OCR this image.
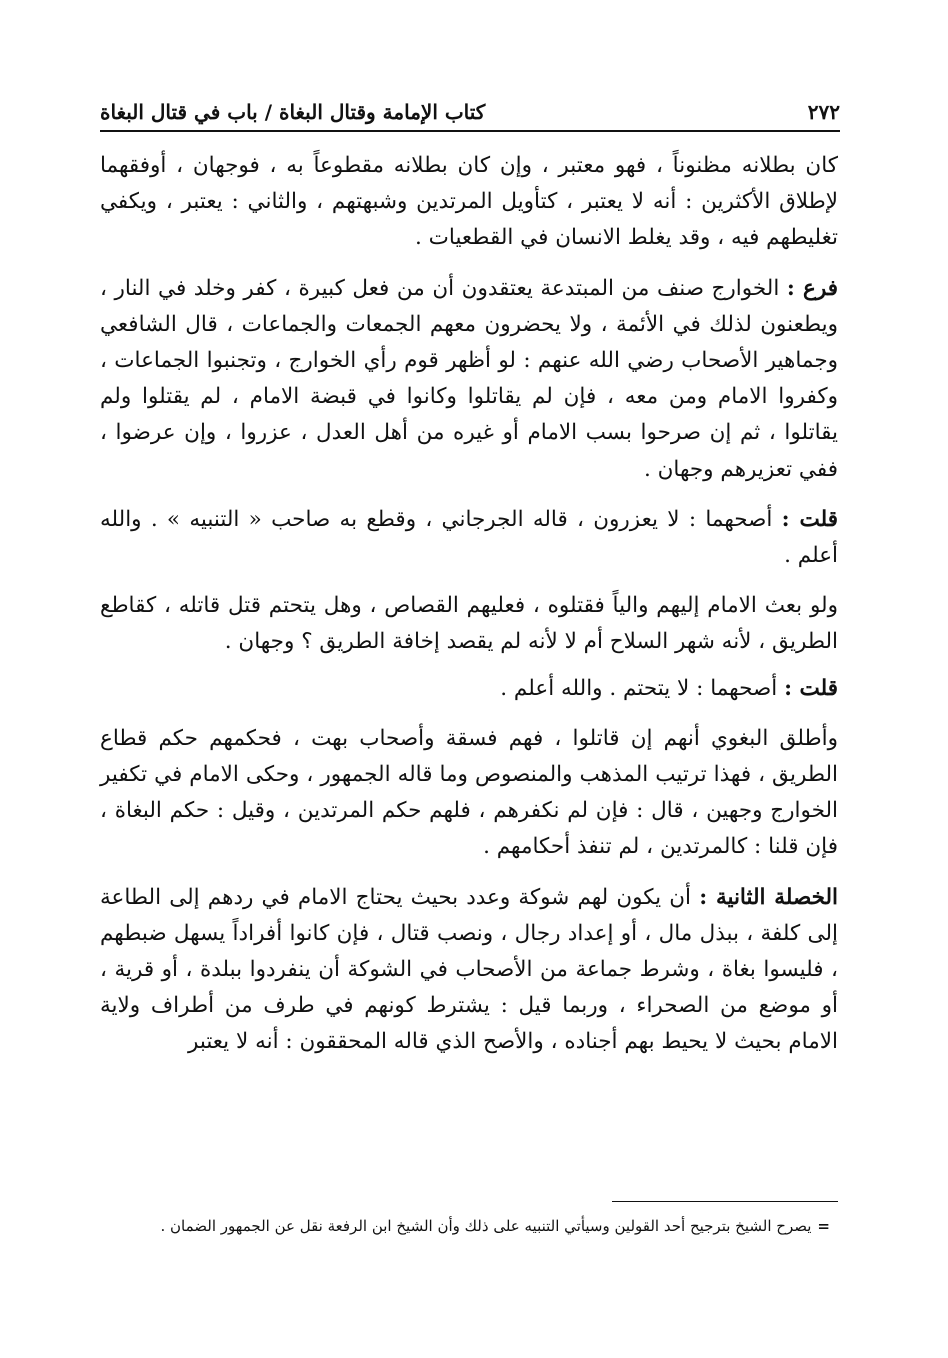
٢٧٢
كتاب الإمامة وقتال البغاة / باب في قتال البغاة

كان بطلانه مظنوناً ، فهو معتبر ، وإن كان بطلانه مقطوعاً به ، فوجهان ، أوفقهما لإطلاق الأكثرين : أنه لا يعتبر ، كتأويل المرتدين وشبهتهم ، والثاني : يعتبر ، ويكفي تغليطهم فيه ، وقد يغلط الانسان في القطعيات .

فرع : الخوارج صنف من المبتدعة يعتقدون أن من فعل كبيرة ، كفر وخلد في النار ، ويطعنون لذلك في الأئمة ، ولا يحضرون معهم الجمعات والجماعات ، قال الشافعي وجماهير الأصحاب رضي الله عنهم : لو أظهر قوم رأي الخوارج ، وتجنبوا الجماعات ، وكفروا الامام ومن معه ، فإن لم يقاتلوا وكانوا في قبضة الامام ، لم يقتلوا ولم يقاتلوا ، ثم إن صرحوا بسب الامام أو غيره من أهل العدل ، عزروا ، وإن عرضوا ، ففي تعزيرهم وجهان .

قلت : أصحهما : لا يعزرون ، قاله الجرجاني ، وقطع به صاحب « التنبيه » . والله أعلم .

ولو بعث الامام إليهم والياً فقتلوه ، فعليهم القصاص ، وهل يتحتم قتل قاتله ، كقاطع الطريق ، لأنه شهر السلاح أم لا لأنه لم يقصد إخافة الطريق ؟ وجهان .

قلت : أصحهما : لا يتحتم . والله أعلم .

وأطلق البغوي أنهم إن قاتلوا ، فهم فسقة وأصحاب بهت ، فحكمهم حكم قطاع الطريق ، فهذا ترتيب المذهب والمنصوص وما قاله الجمهور ، وحكى الامام في تكفير الخوارج وجهين ، قال : فإن لم نكفرهم ، فلهم حكم المرتدين ، وقيل : حكم البغاة ، فإن قلنا : كالمرتدين ، لم تنفذ أحكامهم .

الخصلة الثانية : أن يكون لهم شوكة وعدد بحيث يحتاج الامام في ردهم إلى الطاعة إلى كلفة ، ببذل مال ، أو إعداد رجال ، ونصب قتال ، فإن كانوا أفراداً يسهل ضبطهم ، فليسوا بغاة ، وشرط جماعة من الأصحاب في الشوكة أن ينفردوا ببلدة ، أو قرية ، أو موضع من الصحراء ، وربما قيل : يشترط كونهم في طرف من أطراف ولاية الامام بحيث لا يحيط بهم أجناده ، والأصح الذي قاله المحققون : أنه لا يعتبر

=يصرح الشيخ بترجيح أحد القولين وسيأتي التنبيه على ذلك وأن الشيخ ابن الرفعة نقل عن الجمهور الضمان .
